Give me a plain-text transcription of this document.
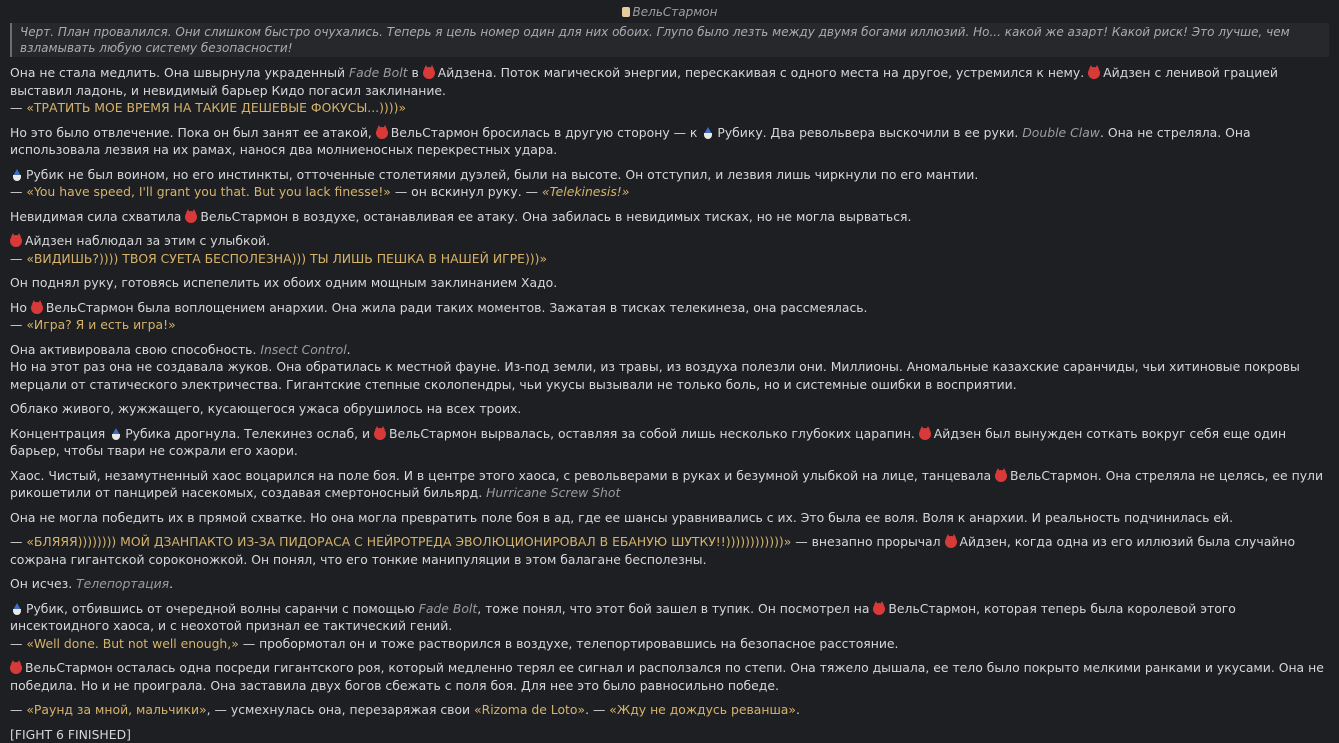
ВельСтармон
Черт. План провалился. Они слишком быстро очухались. Теперь я цель номер один для них обоих. Глупо было лезть между двумя богами иллюзий. Но... какой же азарт! Какой риск! Это лучше, чем взламывать любую систему безопасности!

Она не стала медлить. Она швырнула украденный Fade Bolt в Айдзена. Поток магической энергии, перескакивая с одного места на другое, устремился к нему. Айдзен с ленивой грацией выставил ладонь, и невидимый барьер Кидо погасил заклинание.
— «ТРАТИТЬ МОЕ ВРЕМЯ НА ТАКИЕ ДЕШЕВЫЕ ФОКУСЫ...))))»

Но это было отвлечение. Пока он был занят ее атакой, ВельСтармон бросилась в другую сторону — к Рубику. Два револьвера выскочили в ее руки. Double Claw. Она не стреляла. Она использовала лезвия на их рамах, нанося два молниеносных перекрестных удара.

Рубик не был воином, но его инстинкты, отточенные столетиями дуэлей, были на высоте. Он отступил, и лезвия лишь чиркнули по его мантии.
— «You have speed, I'll grant you that. But you lack finesse!» — он вскинул руку. — «Telekinesis!»

Невидимая сила схватила ВельСтармон в воздухе, останавливая ее атаку. Она забилась в невидимых тисках, но не могла вырваться.

Айдзен наблюдал за этим с улыбкой.
— «ВИДИШЬ?)))) ТВОЯ СУЕТА БЕСПОЛЕЗНА))) ТЫ ЛИШЬ ПЕШКА В НАШЕЙ ИГРЕ)))»

Он поднял руку, готовясь испепелить их обоих одним мощным заклинанием Хадо.

Но ВельСтармон была воплощением анархии. Она жила ради таких моментов. Зажатая в тисках телекинеза, она рассмеялась.
— «Игра? Я и есть игра!»

Она активировала свою способность. Insect Control.
Но на этот раз она не создавала жуков. Она обратилась к местной фауне. Из-под земли, из травы, из воздуха полезли они. Миллионы. Аномальные казахские саранчиды, чьи хитиновые покровы мерцали от статического электричества. Гигантские степные сколопендры, чьи укусы вызывали не только боль, но и системные ошибки в восприятии.

Облако живого, жужжащего, кусающегося ужаса обрушилось на всех троих.

Концентрация Рубика дрогнула. Телекинез ослаб, и ВельСтармон вырвалась, оставляя за собой лишь несколько глубоких царапин. Айдзен был вынужден соткать вокруг себя еще один барьер, чтобы твари не сожрали его хаори.

Хаос. Чистый, незамутненный хаос воцарился на поле боя. И в центре этого хаоса, с револьверами в руках и безумной улыбкой на лице, танцевала ВельСтармон. Она стреляла не целясь, ее пули рикошетили от панцирей насекомых, создавая смертоносный бильярд. Hurricane Screw Shot

Она не могла победить их в прямой схватке. Но она могла превратить поле боя в ад, где ее шансы уравнивались с их. Это была ее воля. Воля к анархии. И реальность подчинилась ей.

— «БЛЯЯЯ)))))))) МОЙ ДЗАНПАКТО ИЗ-ЗА ПИДОРАСА С НЕЙРОТРЕДА ЭВОЛЮЦИОНИРОВАЛ В ЕБАНУЮ ШУТКУ!!))))))))))))» — внезапно прорычал Айдзен, когда одна из его иллюзий была случайно сожрана гигантской сороконожкой. Он понял, что его тонкие манипуляции в этом балагане бесполезны.

Он исчез. Телепортация.

Рубик, отбившись от очередной волны саранчи с помощью Fade Bolt, тоже понял, что этот бой зашел в тупик. Он посмотрел на ВельСтармон, которая теперь была королевой этого инсектоидного хаоса, и с неохотой признал ее тактический гений.
— «Well done. But not well enough,» — пробормотал он и тоже растворился в воздухе, телепортировавшись на безопасное расстояние.

ВельСтармон осталась одна посреди гигантского роя, который медленно терял ее сигнал и расползался по степи. Она тяжело дышала, ее тело было покрыто мелкими ранками и укусами. Она не победила. Но и не проиграла. Она заставила двух богов сбежать с поля боя. Для нее это было равносильно победе.

— «Раунд за мной, мальчики», — усмехнулась она, перезаряжая свои «Rizoma de Loto». — «Жду не дождусь реванша».

[FIGHT 6 FINISHED]
